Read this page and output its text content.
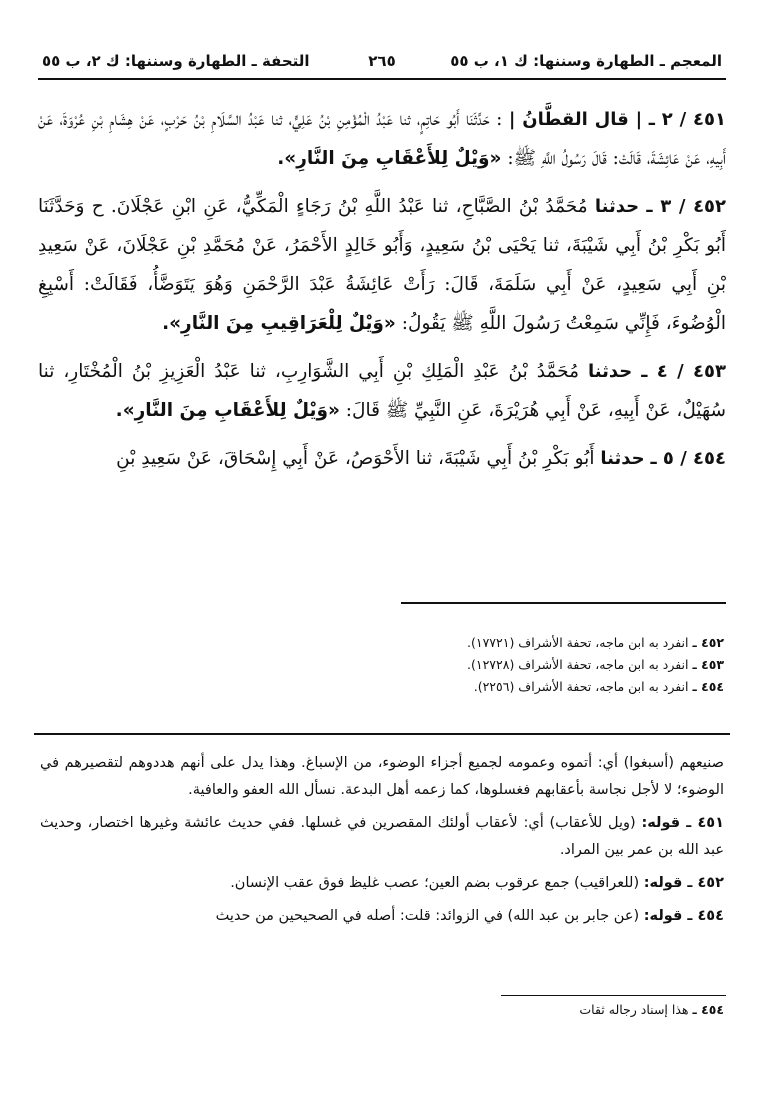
المعجم ـ الطهارة وسننها: ك ١، ب ٥٥
٢٦٥
التحفة ـ الطهارة وسننها: ك ٢، ب ٥٥

٤٥١ / ٢ ـ | قال القطَّانُ | : حَدَّثَنَا أَبُو حَاتِمٍ، ثنا عَبْدُ الْمُؤْمِنِ بْنُ عَلِيٍّ، ثنا عَبْدُ السَّلَامِ بْنُ حَرْبٍ، عَنْ هِشَامِ بْنِ عُرْوَةَ، عَنْ أَبِيهِ، عَنْ عَائِشَةَ، قَالَتْ: قَالَ رَسُولُ اللَّهِ ﷺ: «وَيْلٌ لِلأَعْقَابِ مِنَ النَّارِ».

٤٥٢ / ٣ ـ حدثنا مُحَمَّدُ بْنُ الصَّبَّاحِ، ثنا عَبْدُ اللَّهِ بْنُ رَجَاءٍ الْمَكِّيُّ، عَنِ ابْنِ عَجْلَانَ. ح وَحَدَّثَنَا أَبُو بَكْرِ بْنُ أَبِي شَيْبَةَ، ثنا يَحْيَى بْنُ سَعِيدٍ، وَأَبُو خَالِدٍ الأَحْمَرُ، عَنْ مُحَمَّدِ بْنِ عَجْلَانَ، عَنْ سَعِيدِ بْنِ أَبِي سَعِيدٍ، عَنْ أَبِي سَلَمَةَ، قَالَ: رَأَتْ عَائِشَةُ عَبْدَ الرَّحْمَنِ وَهُوَ يَتَوَضَّأُ، فَقَالَتْ: أَسْبِغِ الْوُضُوءَ، فَإِنِّي سَمِعْتُ رَسُولَ اللَّهِ ﷺ يَقُولُ: «وَيْلٌ لِلْعَرَاقِيبِ مِنَ النَّارِ».

٤٥٣ / ٤ ـ حدثنا مُحَمَّدُ بْنُ عَبْدِ الْمَلِكِ بْنِ أَبِي الشَّوَارِبِ، ثنا عَبْدُ الْعَزِيزِ بْنُ الْمُخْتَارِ، ثنا سُهَيْلٌ، عَنْ أَبِيهِ، عَنْ أَبِي هُرَيْرَةَ، عَنِ النَّبِيِّ ﷺ قَالَ: «وَيْلٌ لِلأَعْقَابِ مِنَ النَّارِ».

٤٥٤ / ٥ ـ حدثنا أَبُو بَكْرِ بْنُ أَبِي شَيْبَةَ، ثنا الأَحْوَصُ، عَنْ أَبِي إِسْحَاقَ، عَنْ سَعِيدِ بْنِ

٤٥٢ ـ انفرد به ابن ماجه، تحفة الأشراف (١٧٧٢١).
٤٥٣ ـ انفرد به ابن ماجه، تحفة الأشراف (١٢٧٢٨).
٤٥٤ ـ انفرد به ابن ماجه، تحفة الأشراف (٢٢٥٦).

صنيعهم (أسبغوا) أي: أتموه وعمومه لجميع أجزاء الوضوء، من الإسباغ. وهذا يدل على أنهم هددوهم لتقصيرهم في الوضوء؛ لا لأجل نجاسة بأعقابهم فغسلوها، كما زعمه أهل البدعة. نسأل الله العفو والعافية.

٤٥١ ـ قوله: (ويل للأعقاب) أي: لأعقاب أولئك المقصرين في غسلها. ففي حديث عائشة وغيرها اختصار، وحديث عبد الله بن عمر بين المراد.

٤٥٢ ـ قوله: (للعراقيب) جمع عرقوب بضم العين؛ عصب غليظ فوق عقب الإنسان.

٤٥٤ ـ قوله: (عن جابر بن عبد الله) في الزوائد: قلت: أصله في الصحيحين من حديث

٤٥٤ ـ هذا إسناد رجاله ثقات
